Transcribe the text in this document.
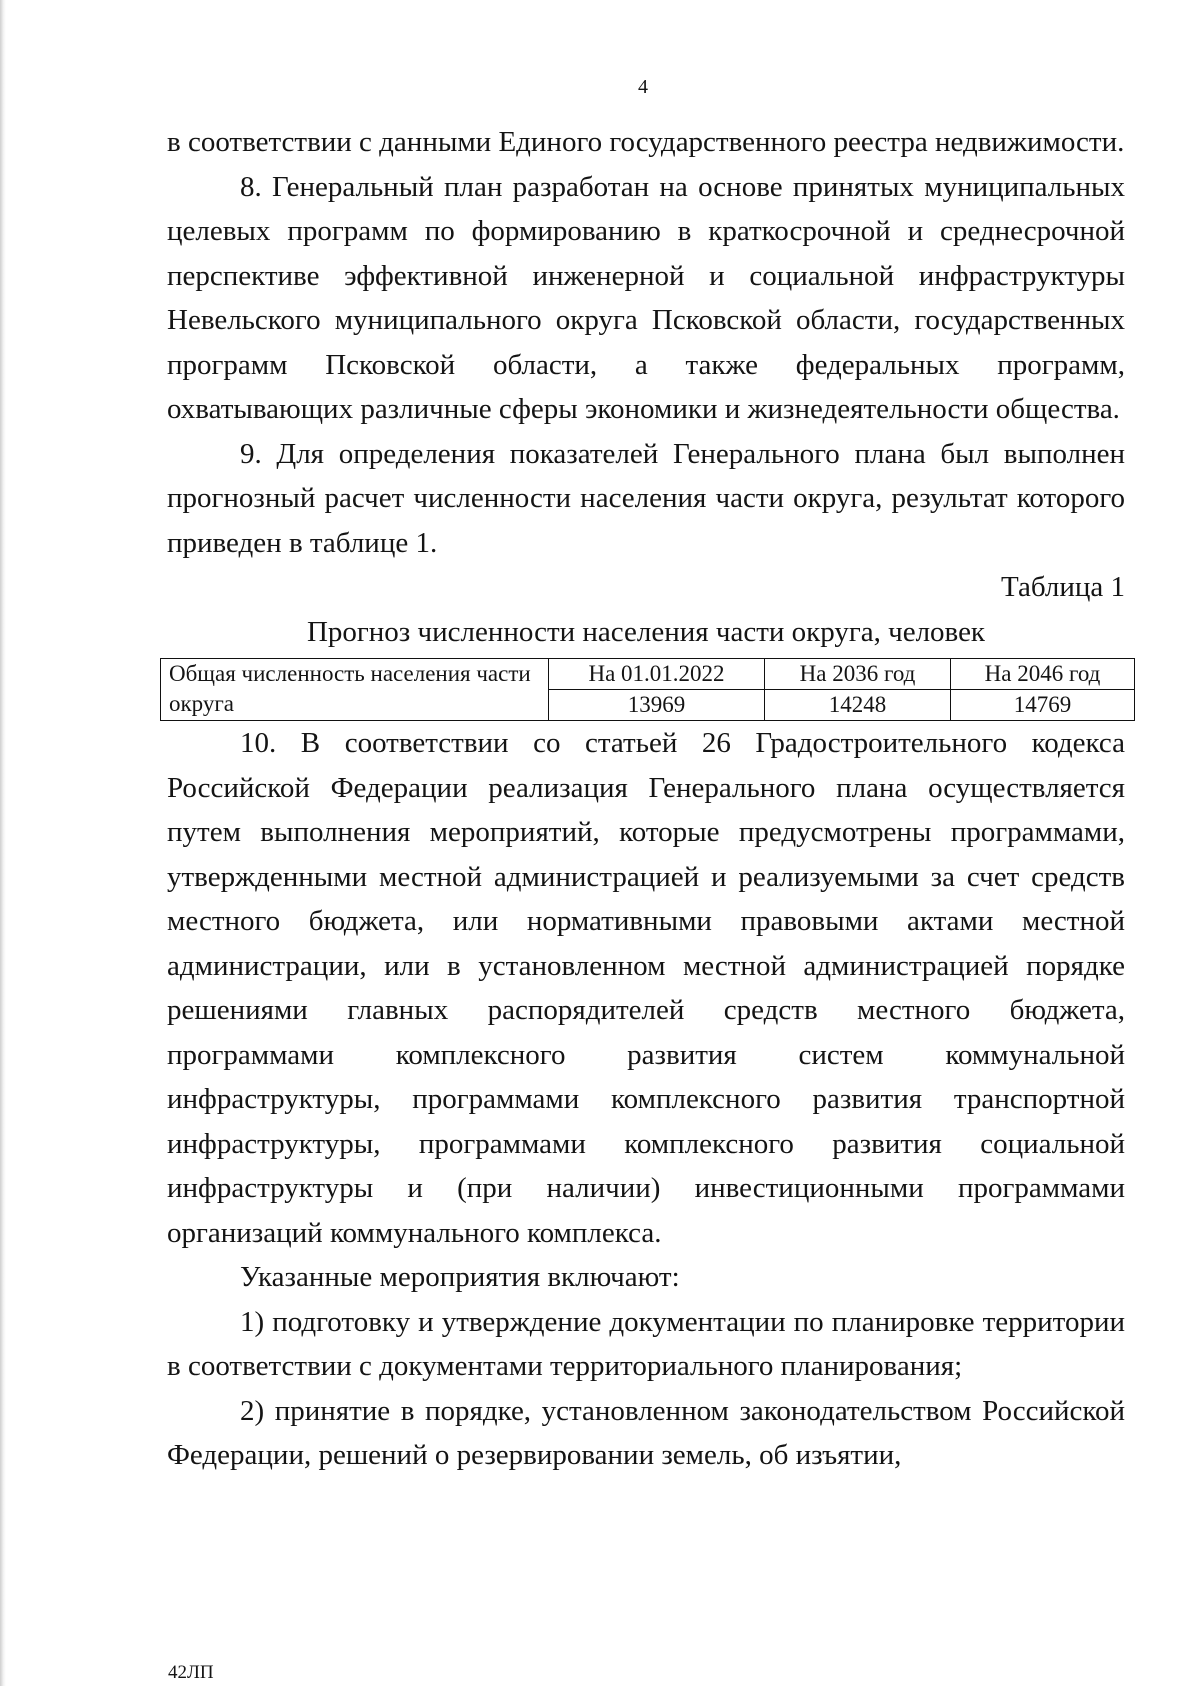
4

в соответствии с данными Единого государственного реестра недвижимости.

8. Генеральный план разработан на основе принятых муниципальных целевых программ по формированию в краткосрочной и среднесрочной перспективе эффективной инженерной и социальной инфраструктуры Невельского муниципального округа Псковской области, государственных программ Псковской области, а также федеральных программ, охватывающих различные сферы экономики и жизнедеятельности общества.

9. Для определения показателей Генерального плана был выполнен прогнозный расчет численности населения части округа, результат которого приведен в таблице 1.

Таблица 1

Прогноз численности населения части округа, человек

Общая численность населения части округа	На 01.01.2022	На 2036 год	На 2046 год
	13969	14248	14769

10. В соответствии со статьей 26 Градостроительного кодекса Российской Федерации реализация Генерального плана осуществляется путем выполнения мероприятий, которые предусмотрены программами, утвержденными местной администрацией и реализуемыми за счет средств местного бюджета, или нормативными правовыми актами местной администрации, или в установленном местной администрацией порядке решениями главных распорядителей средств местного бюджета, программами комплексного развития систем коммунальной инфраструктуры, программами комплексного развития транспортной инфраструктуры, программами комплексного развития социальной инфраструктуры и (при наличии) инвестиционными программами организаций коммунального комплекса.

Указанные мероприятия включают:

1) подготовку и утверждение документации по планировке территории в соответствии с документами территориального планирования;

2) принятие в порядке, установленном законодательством Российской Федерации, решений о резервировании земель, об изъятии,

42ЛП
